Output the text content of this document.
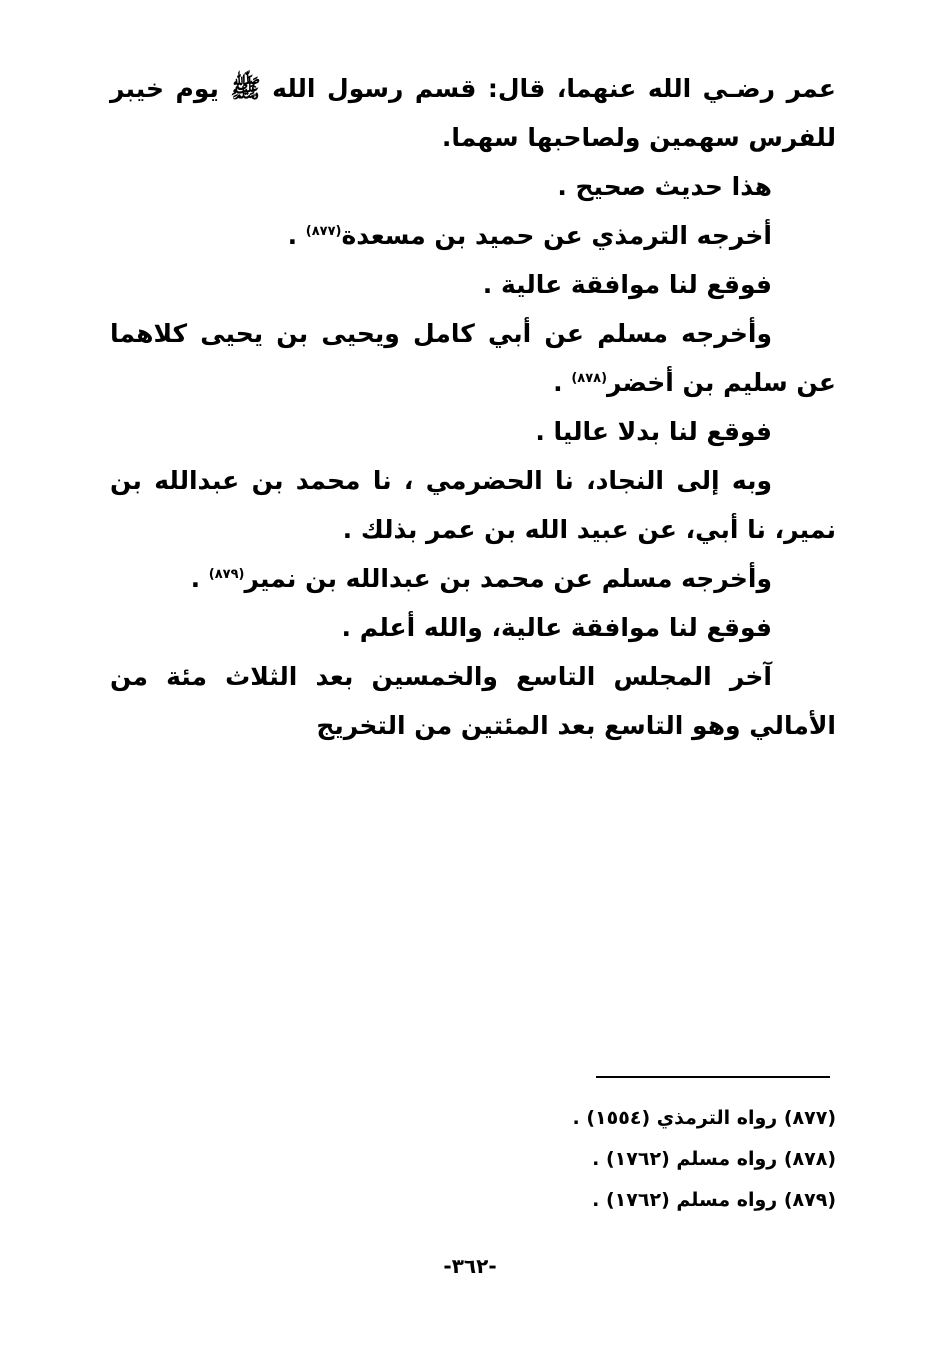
عمر رضـي الله عنهما، قال: قسم رسول الله ﷺ يوم خيبر للفرس سهمين ولصاحبها سهما.

هذا حديث صحيح .

أخرجه الترمذي عن حميد بن مسعدة$^{(٨٧٧)}$ .

فوقع لنا موافقة عالية .

وأخرجه مسلم عن أبي كامل ويحيى بن يحيى كلاهما عن سليم بن أخضر$^{(٨٧٨)}$ .

فوقع لنا بدلا عاليا .

وبه إلى النجاد، نا الحضرمي ، نا محمد بن عبدالله بن نمير، نا أبي، عن عبيد الله بن عمر بذلك .

وأخرجه مسلم عن محمد بن عبدالله بن نمير$^{(٨٧٩)}$ .

فوقع لنا موافقة عالية، والله أعلم .

آخر المجلس التاسع والخمسين بعد الثلاث مئة من الأمالي وهو التاسع بعد المئتين من التخريج

(٨٧٧) رواه الترمذي (١٥٥٤) .

(٨٧٨) رواه مسلم (١٧٦٢) .

(٨٧٩) رواه مسلم (١٧٦٢) .

-٣٦٢-
